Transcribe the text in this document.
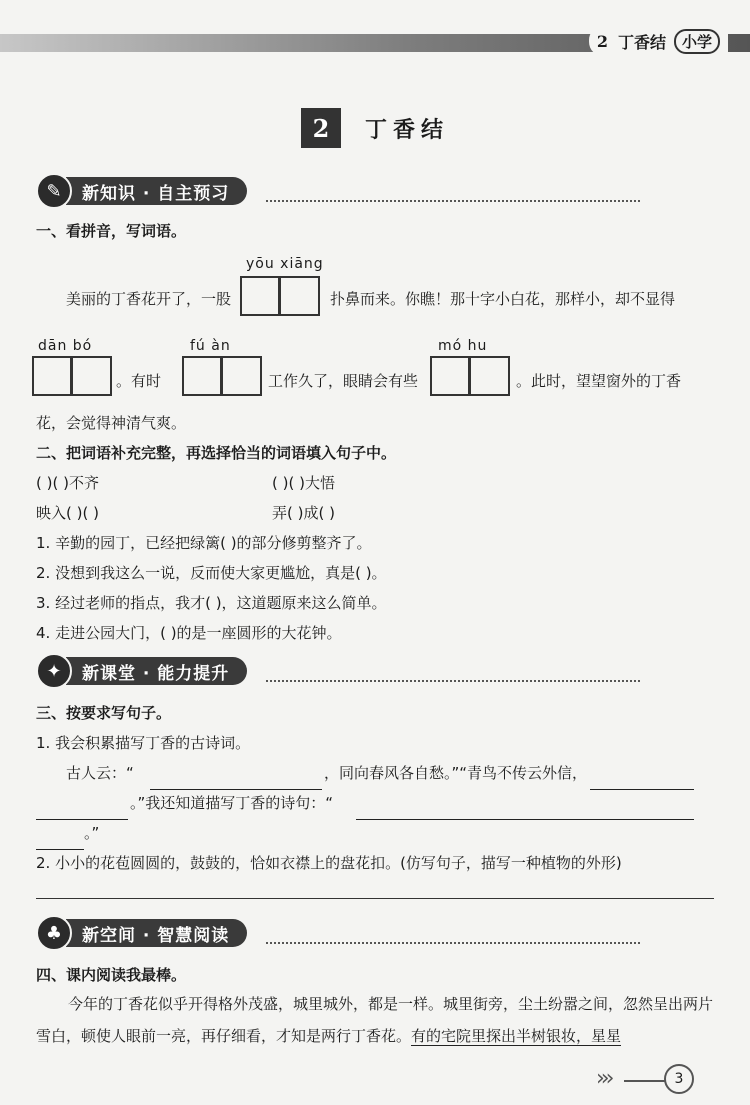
2 丁香结	小学
2	丁香结
✎	新知识 · 自主预习
一、看拼音，写词语。
yōu xiāng
美丽的丁香花开了，一股	扑鼻而来。你瞧！那十字小白花，那样小，却不显得
dān bó
。有时
fú àn
工作久了，眼睛会有些
mó hu
。此时，望望窗外的丁香
花，会觉得神清气爽。
二、把词语补充完整，再选择恰当的词语填入句子中。
( )( )不齐	( )( )大悟
映入( )( )	弄( )成( )
1. 辛勤的园丁，已经把绿篱( )的部分修剪整齐了。
2. 没想到我这么一说，反而使大家更尴尬，真是( )。
3. 经过老师的指点，我才( )，这道题原来这么简单。
4. 走进公园大门，( )的是一座圆形的大花钟。
✦	新课堂 · 能力提升
三、按要求写句子。
1. 我会积累描写丁香的古诗词。
古人云：“	，同向春风各自愁。”“青鸟不传云外信，
。”我还知道描写丁香的诗句：“
。”
2. 小小的花苞圆圆的，鼓鼓的，恰如衣襟上的盘花扣。(仿写句子，描写一种植物的外形)
♣	新空间 · 智慧阅读
四、课内阅读我最棒。
今年的丁香花似乎开得格外茂盛，城里城外，都是一样。城里街旁，尘土纷嚣之间，忽然呈出两片雪白，顿使人眼前一亮，再仔细看，才知是两行丁香花。有的宅院里探出半树银妆，星星
›››	3
